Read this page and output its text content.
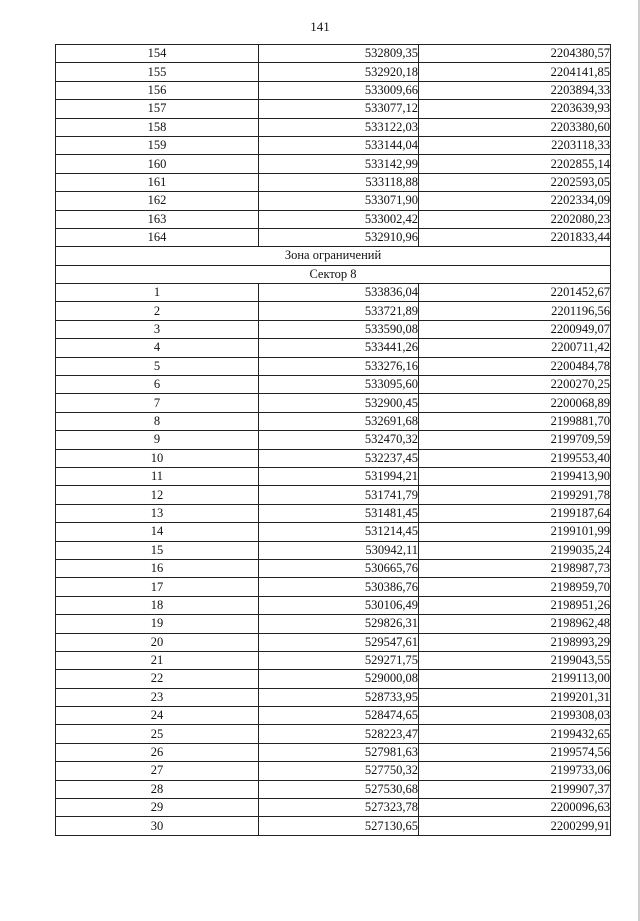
141
154	532809,35	2204380,57
155	532920,18	2204141,85
156	533009,66	2203894,33
157	533077,12	2203639,93
158	533122,03	2203380,60
159	533144,04	2203118,33
160	533142,99	2202855,14
161	533118,88	2202593,05
162	533071,90	2202334,09
163	533002,42	2202080,23
164	532910,96	2201833,44
Зона ограничений		
Сектор 8		
1	533836,04	2201452,67
2	533721,89	2201196,56
3	533590,08	2200949,07
4	533441,26	2200711,42
5	533276,16	2200484,78
6	533095,60	2200270,25
7	532900,45	2200068,89
8	532691,68	2199881,70
9	532470,32	2199709,59
10	532237,45	2199553,40
11	531994,21	2199413,90
12	531741,79	2199291,78
13	531481,45	2199187,64
14	531214,45	2199101,99
15	530942,11	2199035,24
16	530665,76	2198987,73
17	530386,76	2198959,70
18	530106,49	2198951,26
19	529826,31	2198962,48
20	529547,61	2198993,29
21	529271,75	2199043,55
22	529000,08	2199113,00
23	528733,95	2199201,31
24	528474,65	2199308,03
25	528223,47	2199432,65
26	527981,63	2199574,56
27	527750,32	2199733,06
28	527530,68	2199907,37
29	527323,78	2200096,63
30	527130,65	2200299,91
